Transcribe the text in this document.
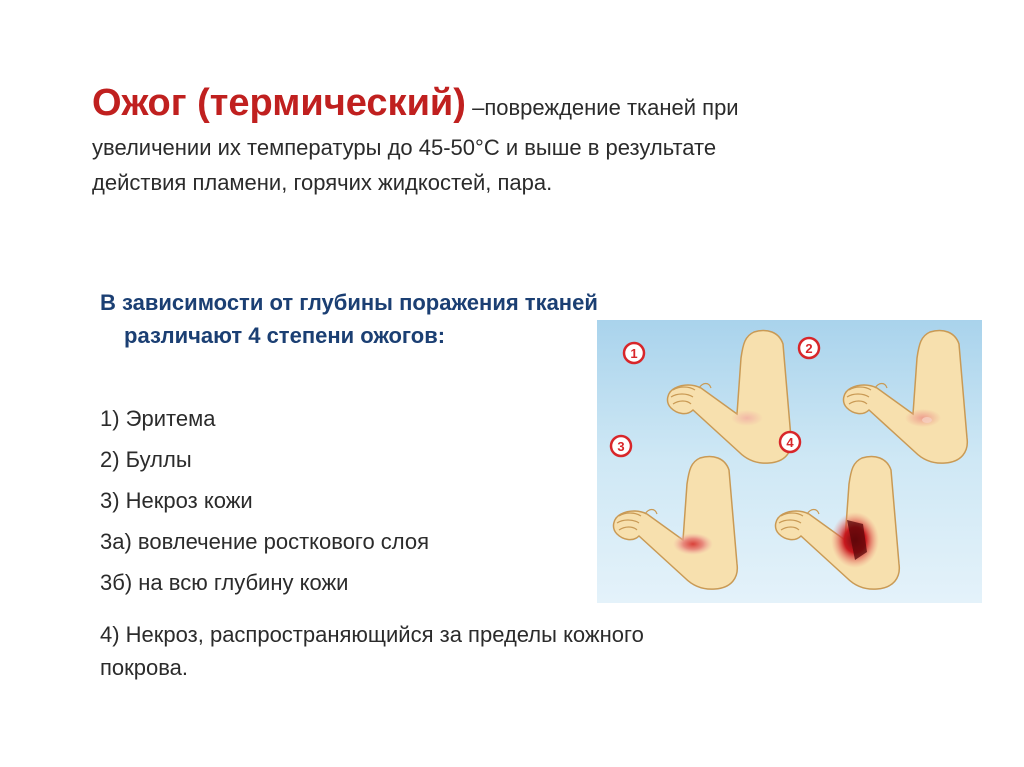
Ожог (термический) –повреждение тканей при
увеличении их температуры до 45-50°С и выше в результате
действия пламени, горячих жидкостей, пара.
В зависимости от глубины поражения тканей
различают 4 степени ожогов:
1) Эритема
2) Буллы
3) Некроз кожи
3а) вовлечение росткового слоя
3б) на всю глубину кожи
4) Некроз, распространяющийся за пределы кожного
покрова.
1	2
3	4
